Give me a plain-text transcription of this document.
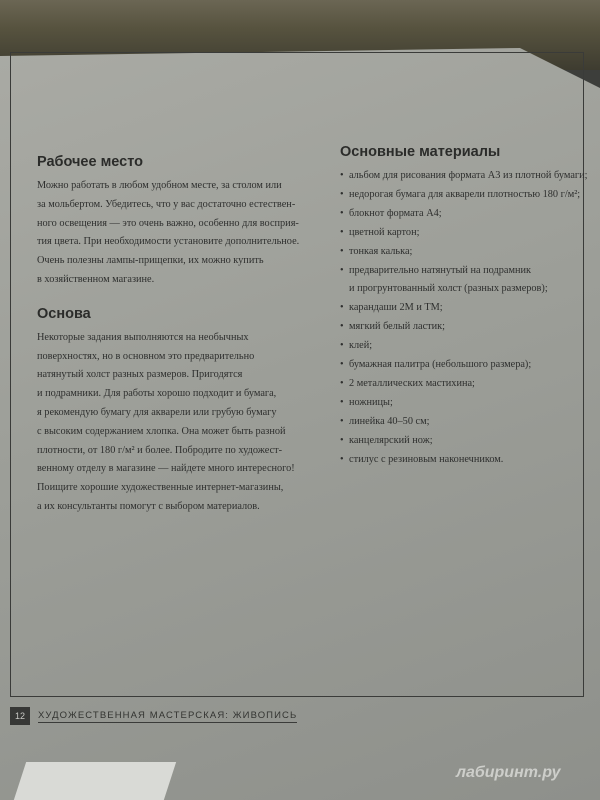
Рабочее место

Можно работать в любом удобном месте, за столом или

за мольбертом. Убедитесь, что у вас достаточно естествен-

ного освещения — это очень важно, особенно для восприя-

тия цвета. При необходимости установите дополнительное.

Очень полезны лампы-прищепки, их можно купить

в хозяйственном магазине.

Основа

Некоторые задания выполняются на необычных

поверхностях, но в основном это предварительно

натянутый холст разных размеров. Пригодятся

и подрамники. Для работы хорошо подходит и бумага,

я рекомендую бумагу для акварели или грубую бумагу

с высоким содержанием хлопка. Она может быть разной

плотности, от 180 г/м² и более. Побродите по художест-

венному отделу в магазине — найдете много интересного!

Поищите хорошие художественные интернет-магазины,

а их консультанты помогут с выбором материалов.

Основные материалы
• альбом для рисования формата А3 из плотной бумаги;
• недорогая бумага для акварели плотностью 180 г/м²;
• блокнот формата А4;
• цветной картон;
• тонкая калька;
• предварительно натянутый на подрамник
и прогрунтованный холст (разных размеров);
• карандаши 2М и ТМ;
• мягкий белый ластик;
• клей;
• бумажная палитра (небольшого размера);
• 2 металлических мастихина;
• ножницы;
• линейка 40–50 см;
• канцелярский нож;
• стилус с резиновым наконечником.
12	ХУДОЖЕСТВЕННАЯ МАСТЕРСКАЯ: ЖИВОПИСЬ
лабиринт.ру
